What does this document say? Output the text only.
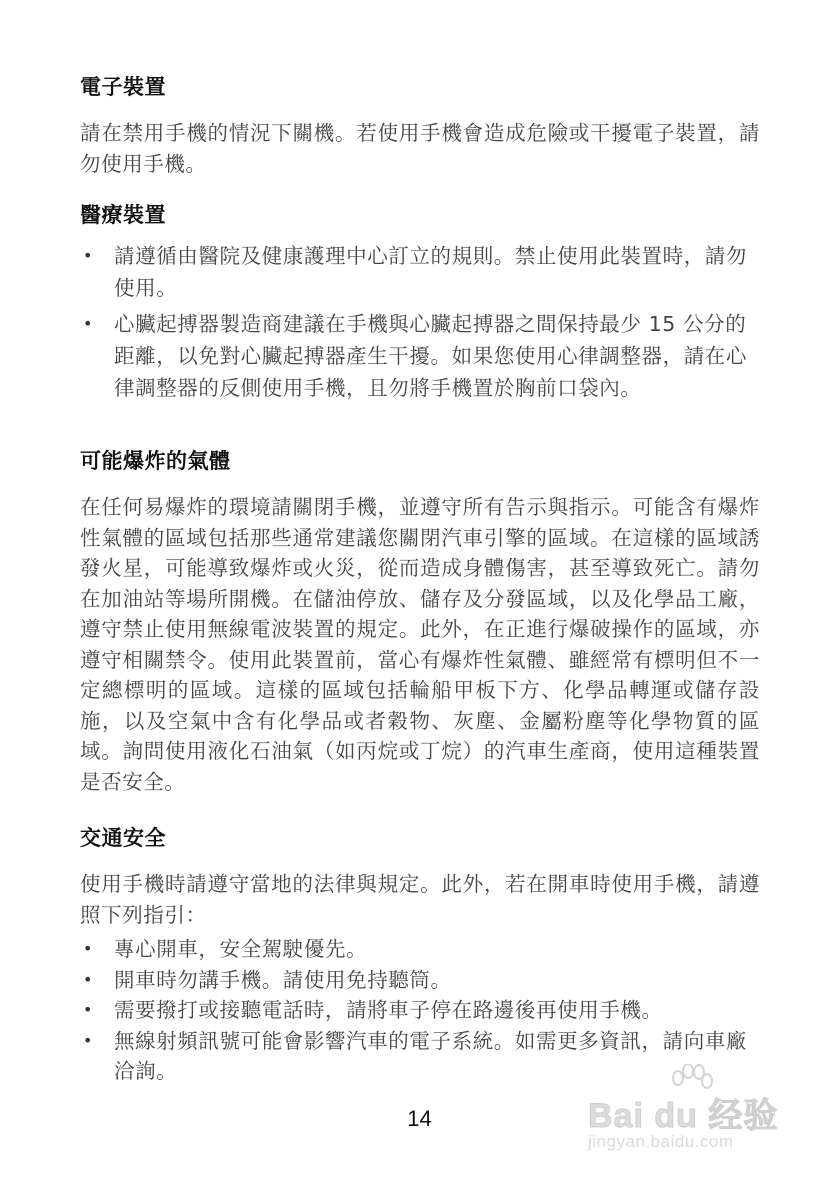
電子裝置

請在禁用手機的情況下關機。若使用手機會造成危險或干擾電子裝置，請勿使用手機。

醫療裝置
• 請遵循由醫院及健康護理中心訂立的規則。禁止使用此裝置時，請勿使用。
• 心臟起搏器製造商建議在手機與心臟起搏器之間保持最少 15 公分的距離，以免對心臟起搏器產生干擾。如果您使用心律調整器，請在心律調整器的反側使用手機，且勿將手機置於胸前口袋內。
可能爆炸的氣體

在任何易爆炸的環境請關閉手機，並遵守所有告示與指示。可能含有爆炸性氣體的區域包括那些通常建議您關閉汽車引擎的區域。在這樣的區域誘發火星，可能導致爆炸或火災，從而造成身體傷害，甚至導致死亡。請勿在加油站等場所開機。在儲油停放、儲存及分發區域，以及化學品工廠，遵守禁止使用無線電波裝置的規定。此外，在正進行爆破操作的區域，亦遵守相關禁令。使用此裝置前，當心有爆炸性氣體、雖經常有標明但不一定總標明的區域。這樣的區域包括輪船甲板下方、化學品轉運或儲存設施，以及空氣中含有化學品或者穀物、灰塵、金屬粉塵等化學物質的區域。詢問使用液化石油氣（如丙烷或丁烷）的汽車生產商，使用這種裝置是否安全。

交通安全

使用手機時請遵守當地的法律與規定。此外，若在開車時使用手機，請遵照下列指引：

• 專心開車，安全駕駛優先。
• 開車時勿講手機。請使用免持聽筒。
• 需要撥打或接聽電話時，請將車子停在路邊後再使用手機。
• 無線射頻訊號可能會影響汽車的電子系統。如需更多資訊，請向車廠洽詢。
14	Bai du 经验
jingyan.baidu.com
